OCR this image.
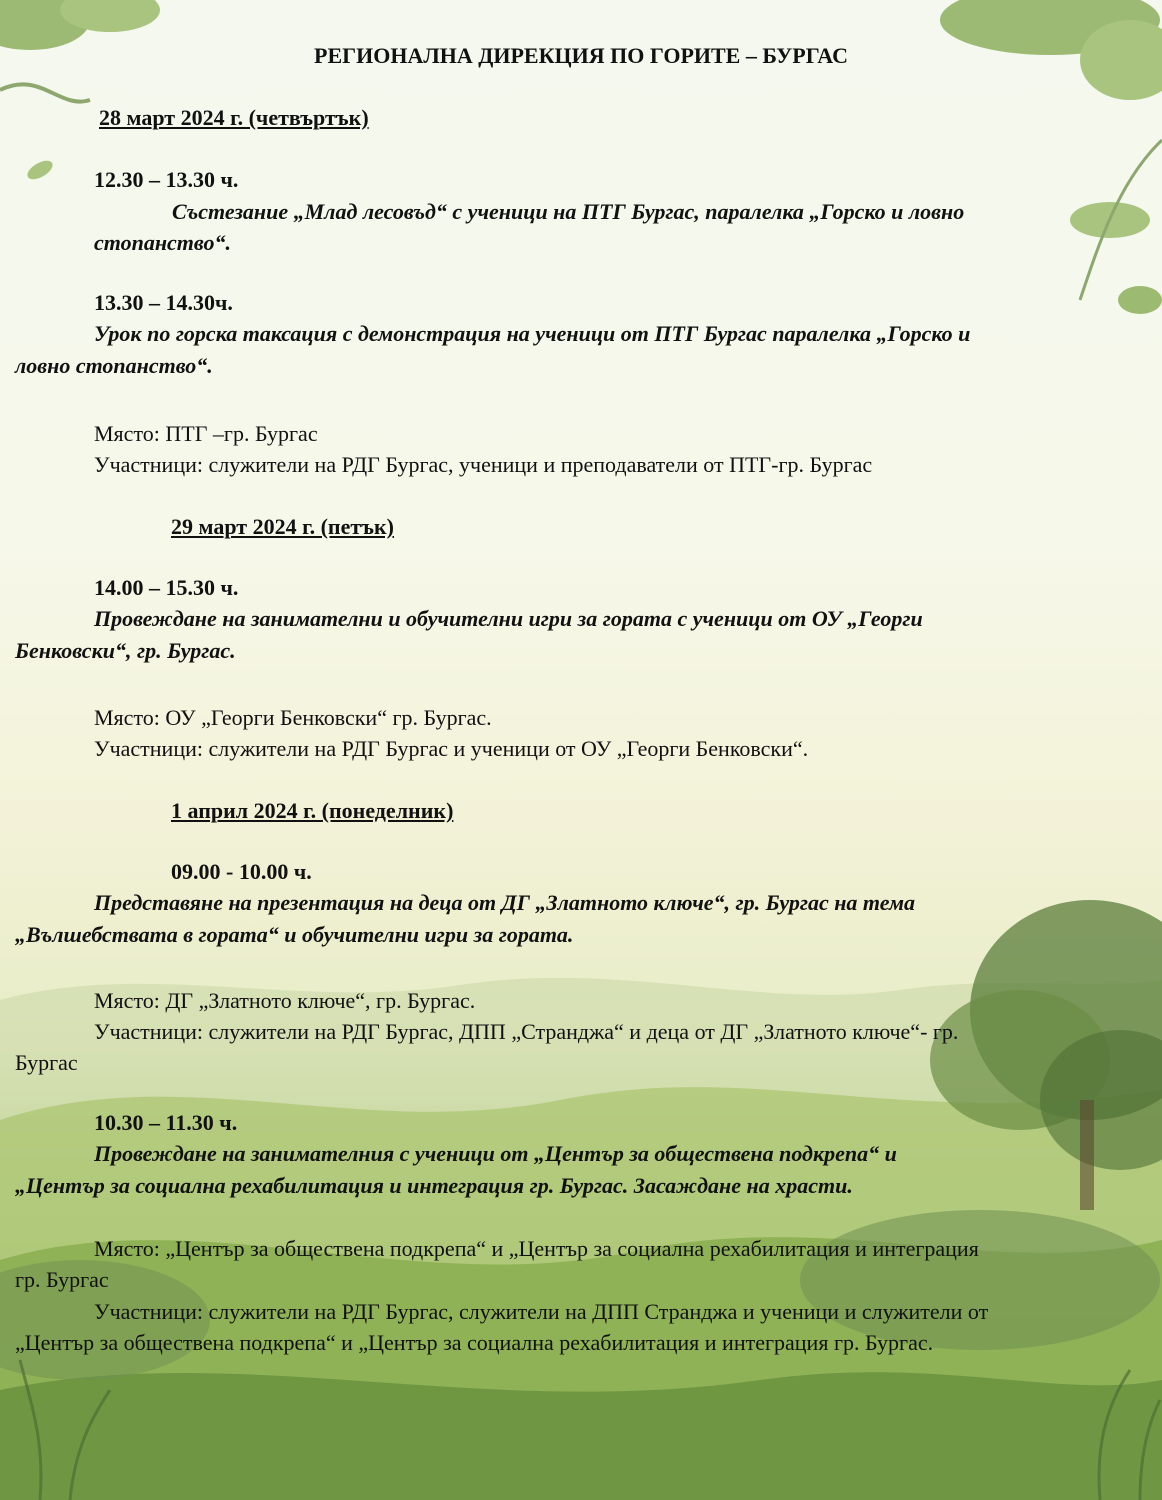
РЕГИОНАЛНА ДИРЕКЦИЯ ПО ГОРИТЕ – БУРГАС
28 март 2024 г. (четвъртък)
12.30 – 13.30 ч.
Състезание „Млад лесовъд“ с ученици на ПТГ Бургас, паралелка „Горско и ловно
стопанство“.
13.30 – 14.30ч.
Урок по горска таксация с демонстрация на ученици от ПТГ Бургас паралелка „Горско и
ловно стопанство“.
Място: ПТГ –гр. Бургас
Участници: служители на РДГ Бургас, ученици и преподаватели от ПТГ-гр. Бургас
29 март 2024 г. (петък)
14.00 – 15.30 ч.
Провеждане на занимателни и обучителни игри за гората с ученици от ОУ „Георги
Бенковски“, гр. Бургас.
Място: ОУ „Георги Бенковски“ гр. Бургас.
Участници: служители на РДГ Бургас и ученици от ОУ „Георги Бенковски“.
1 април 2024 г. (понеделник)
09.00 - 10.00 ч.
Представяне на презентация на деца от ДГ „Златното ключе“, гр. Бургас на тема
„Вълшебствата в гората“ и обучителни игри за гората.
Място: ДГ „Златното ключе“, гр. Бургас.
Участници: служители на РДГ Бургас, ДПП „Странджа“ и деца от ДГ „Златното ключе“- гр.
Бургас
10.30 – 11.30 ч.
Провеждане на занимателния с ученици от „Център за обществена подкрепа“ и
„Център за социална рехабилитация и интеграция гр. Бургас. Засаждане на храсти.
Място: „Център за обществена подкрепа“ и „Център за социална рехабилитация и интеграция
гр. Бургас
Участници: служители на РДГ Бургас, служители на ДПП Странджа и ученици и служители от
„Център за обществена подкрепа“ и „Център за социална рехабилитация и интеграция гр. Бургас.
